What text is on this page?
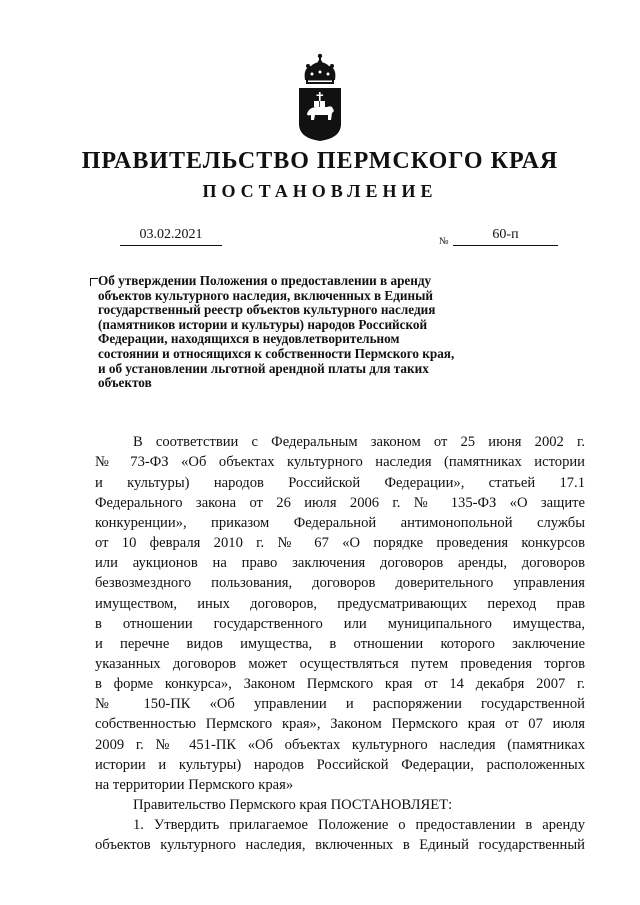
ПРАВИТЕЛЬСТВО ПЕРМСКОГО КРАЯ
ПОСТАНОВЛЕНИЕ
03.02.2021	№	60-п
Об утверждении Положения о предоставлении в аренду
объектов культурного наследия, включенных в Единый
государственный реестр объектов культурного наследия
(памятников истории и культуры) народов Российской
Федерации, находящихся в неудовлетворительном
состоянии и относящихся к собственности Пермского края,
и об установлении льготной арендной платы для таких
объектов
В соответствии с Федеральным законом от 25 июня 2002 г.
№ 73-ФЗ «Об объектах культурного наследия (памятниках истории
и культуры) народов Российской Федерации», статьей 17.1
Федерального закона от 26 июля 2006 г. № 135-ФЗ «О защите
конкуренции», приказом Федеральной антимонопольной службы
от 10 февраля 2010 г. № 67 «О порядке проведения конкурсов
или аукционов на право заключения договоров аренды, договоров
безвозмездного пользования, договоров доверительного управления
имуществом, иных договоров, предусматривающих переход прав
в отношении государственного или муниципального имущества,
и перечне видов имущества, в отношении которого заключение
указанных договоров может осуществляться путем проведения торгов
в форме конкурса», Законом Пермского края от 14 декабря 2007 г.
№ 150-ПК «Об управлении и распоряжении государственной
собственностью Пермского края», Законом Пермского края от 07 июля
2009 г. № 451-ПК «Об объектах культурного наследия (памятниках
истории и культуры) народов Российской Федерации, расположенных
на территории Пермского края»
Правительство Пермского края ПОСТАНОВЛЯЕТ:
1. Утвердить прилагаемое Положение о предоставлении в аренду
объектов культурного наследия, включенных в Единый государственный
